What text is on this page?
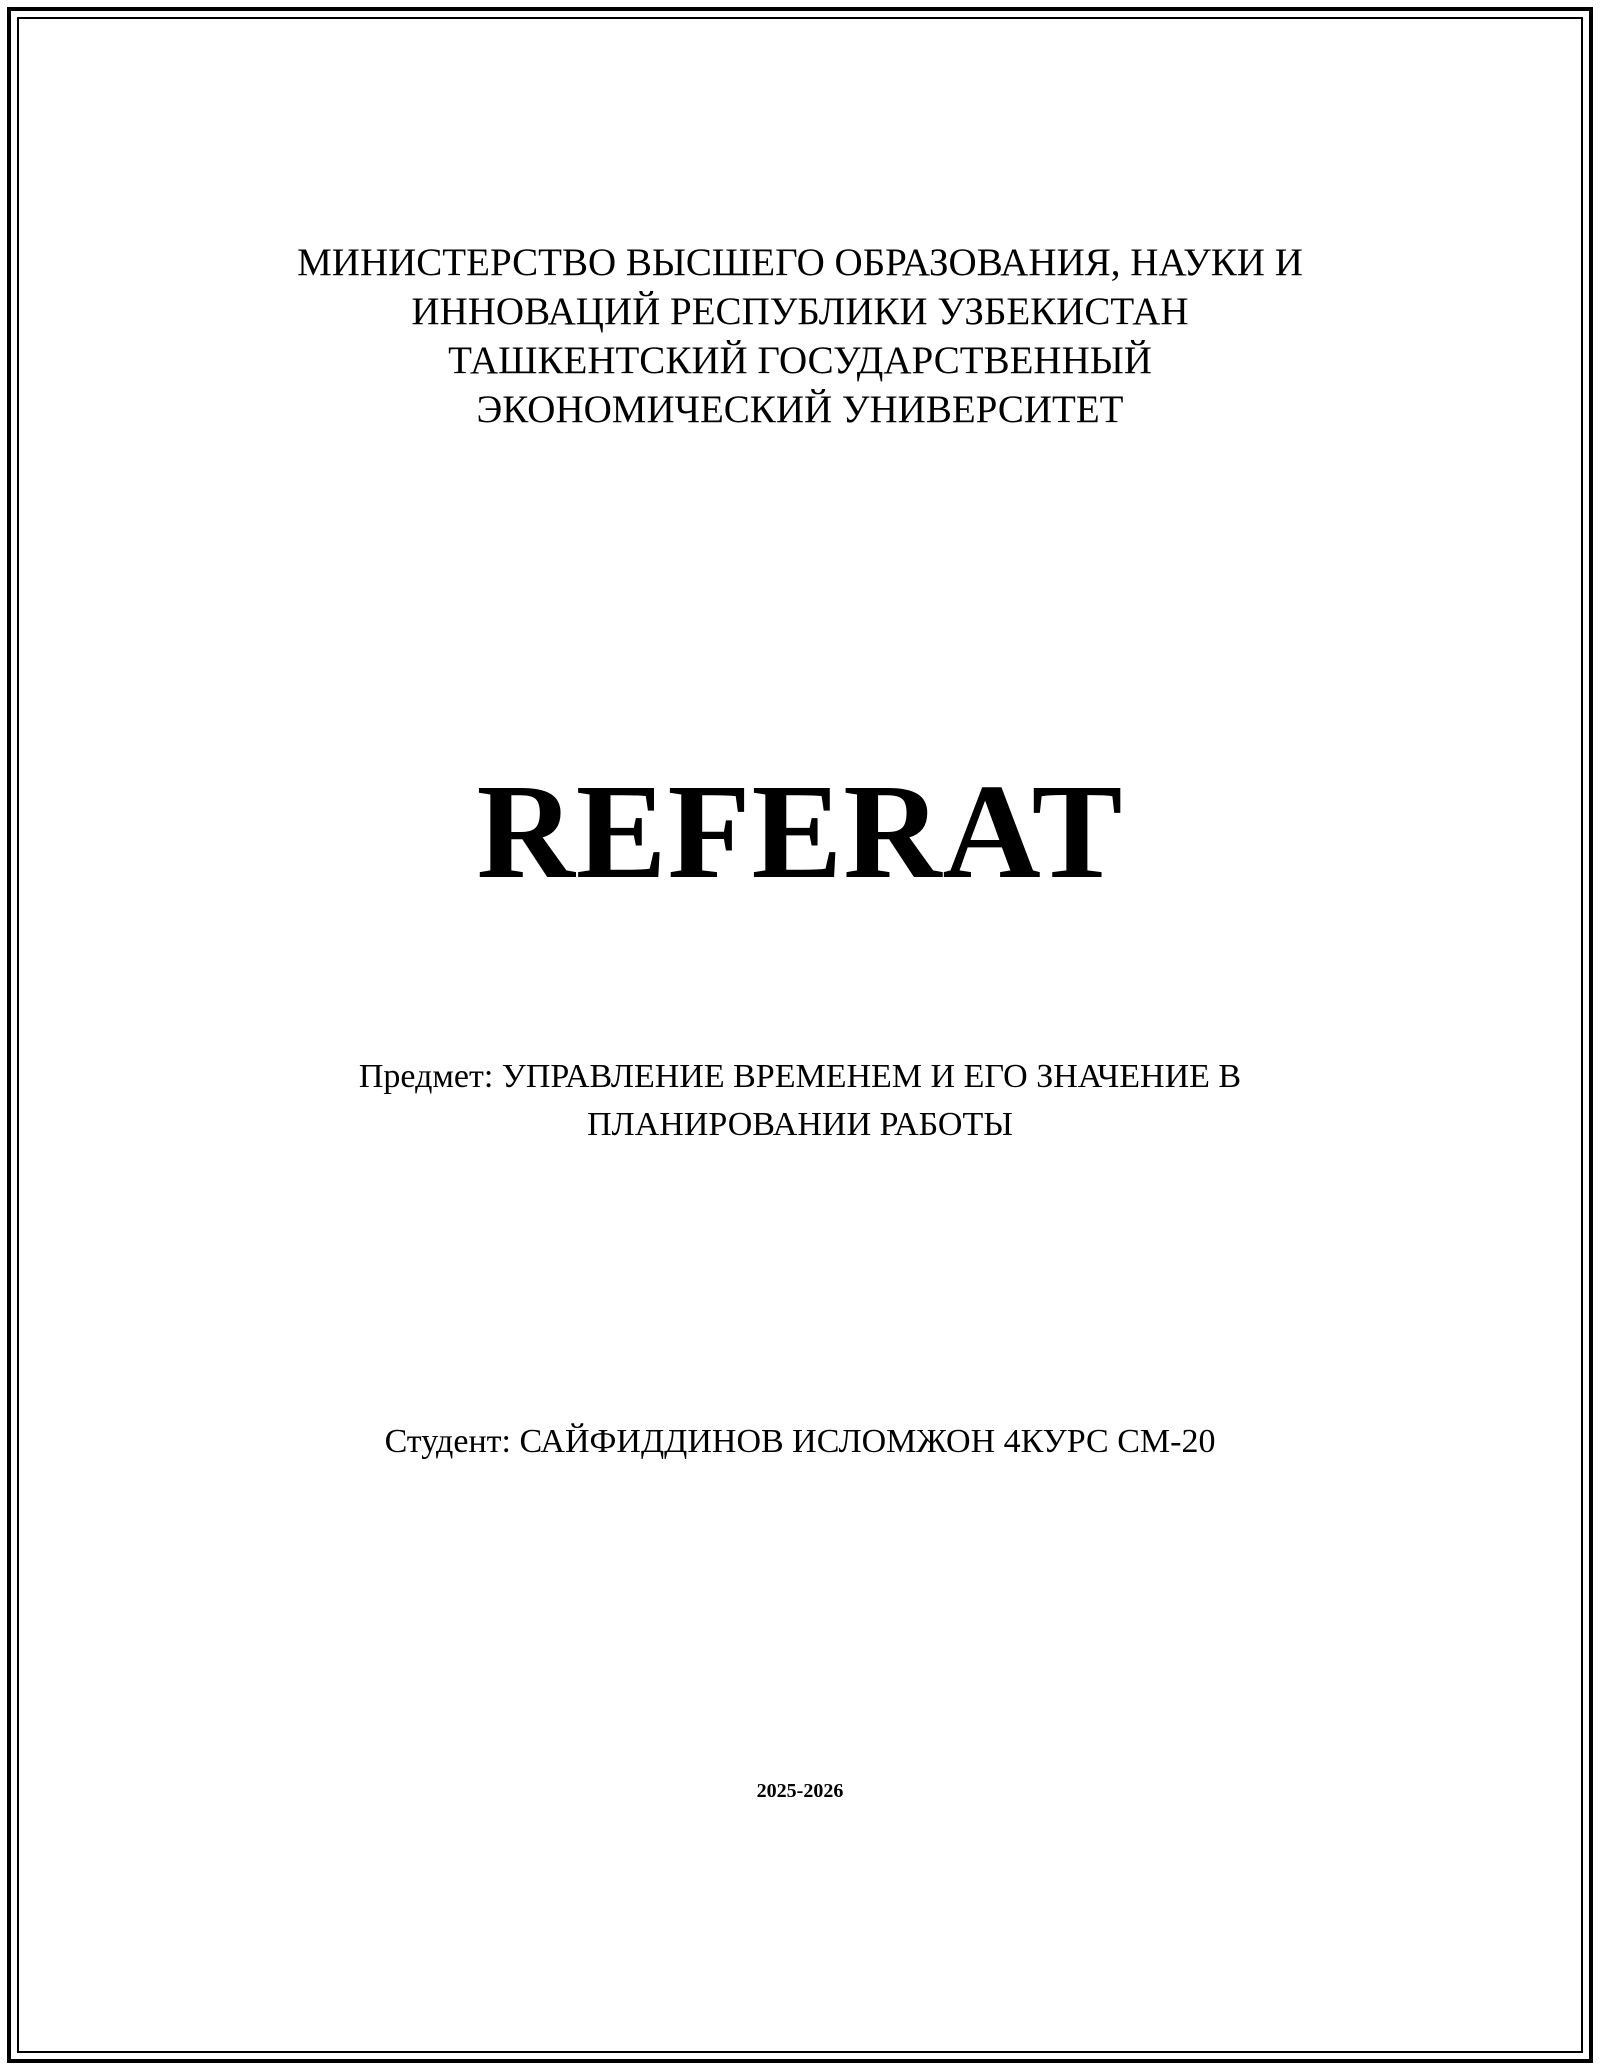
МИНИСТЕРСТВО ВЫСШЕГО ОБРАЗОВАНИЯ, НАУКИ И
ИННОВАЦИЙ РЕСПУБЛИКИ УЗБЕКИСТАН
ТАШКЕНТСКИЙ ГОСУДАРСТВЕННЫЙ
ЭКОНОМИЧЕСКИЙ УНИВЕРСИТЕТ
REFERAT
Предмет: УПРАВЛЕНИЕ ВРЕМЕНЕМ И ЕГО ЗНАЧЕНИЕ В
ПЛАНИРОВАНИИ РАБОТЫ
Студент: САЙФИДДИНОВ ИСЛОМЖОН 4КУРС СМ-20
2025-2026
